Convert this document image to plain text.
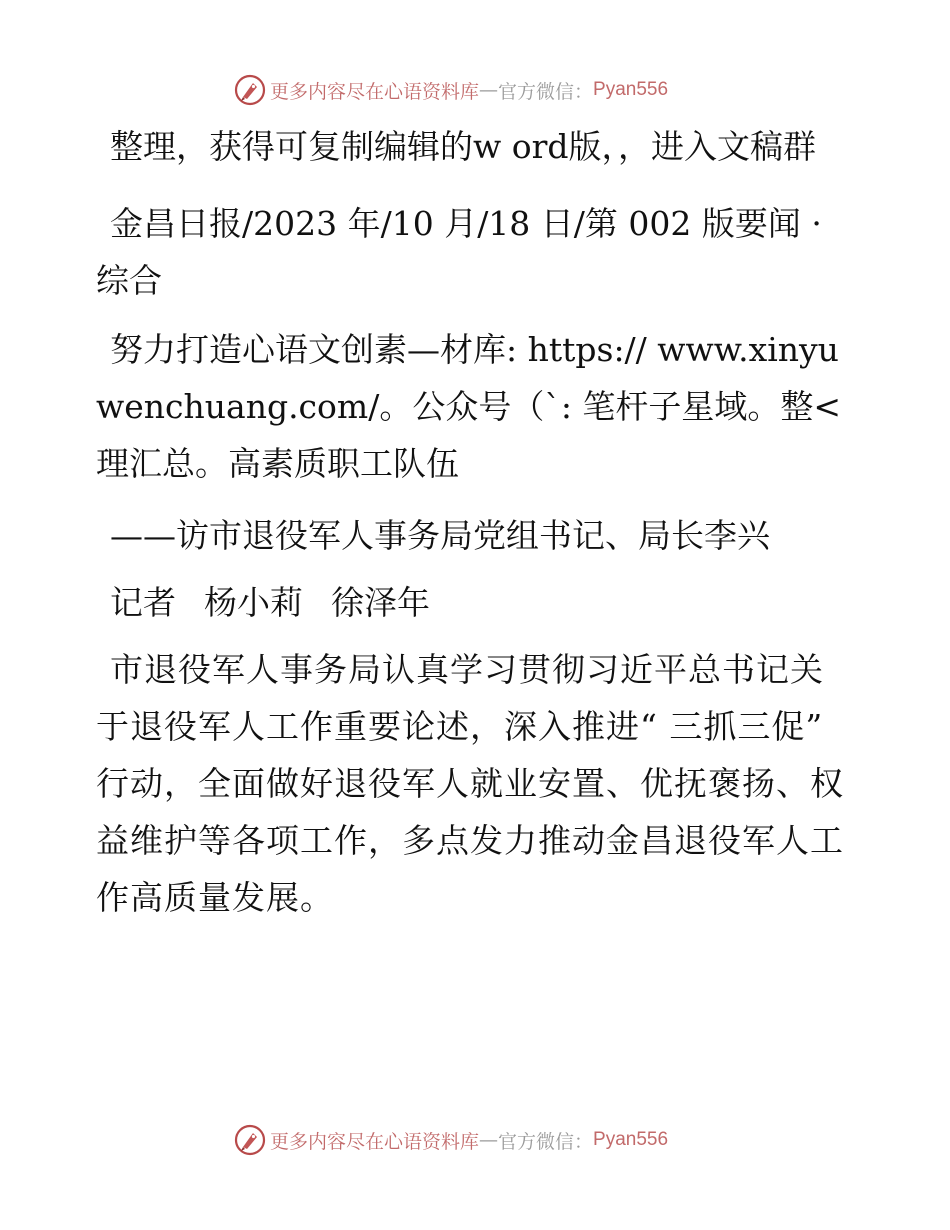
更多内容尽在心语资料库 — 官方微信： Pyan556

整理，获得可复制编辑的w ord版，，进入文稿群

金昌日报/2023 年/10 月/18 日/第 002 版要闻 · 综合

努力打造心语文创素—材库: https:// www.xinyuwenchuang.com/。公众号（`: 笔杆子星域。整<理汇总。高素质职工队伍

——访市退役军人事务局党组书记、局长李兴

记者 杨小莉 徐泽年

市退役军人事务局认真学习贯彻习近平总书记关于退役军人工作重要论述，深入推进“ 三抓三促” 行动，全面做好退役军人就业安置、优抚褒扬、权益维护等各项工作，多点发力推动金昌退役军人工作高质量发展。

更多内容尽在心语资料库 — 官方微信： Pyan556
